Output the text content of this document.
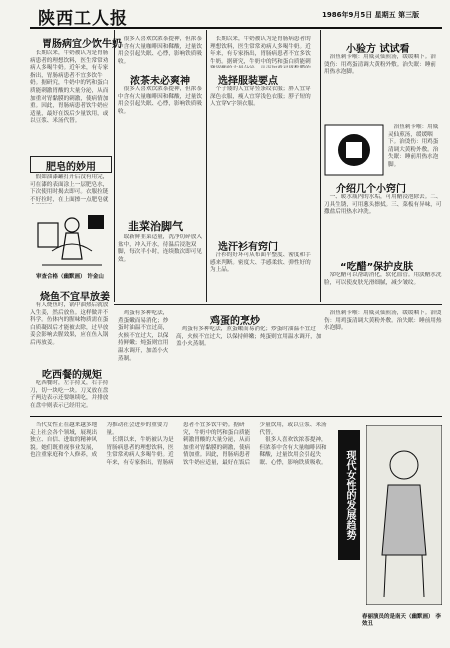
陕西工人报	1986年9月5日 星期五 第三版
胃肠病宜少饮牛奶

长期以来，牛奶被认为是胃肠病患者的理想饮料，医生常常劝病人多喝牛奶。近年来，有专家指出，胃肠病患者不宜多饮牛奶。据研究，牛奶中的钙和蛋白质能刺激胃酸的大量分泌，从而加重对胃黏膜的刺激，使病情加重。因此，胃肠病患者饮牛奶应适量，最好在饭后少量饮用，或以豆浆、米汤代替。

肥皂的妙用

假如油漆罐打开后没有用完，可在漆的表面涂上一层肥皂水，下次使用时揭去即可。衣服拉链不好拉时，在上面擦一点肥皂就

审查合格（幽默画） 许金山
烧鱼不宜早放姜

有人烧鱼时，锅中油热后就放入生姜，然后放鱼。这样做并不科学。鱼体内的腥味物质需在蛋白质凝固后才能被去除，过早放姜会影响去腥效果，应在鱼入锅后再放姜。

吃西餐的规矩

吃西餐时，左手持叉，右手持刀，切一块吃一块。刀叉放在盘子两边表示还要继续吃，并排放在盘中则表示已经用完。

很多人喜欢饮浓茶提神，但浓茶中含有大量咖啡因和鞣酸，过量饮用会引起失眠、心悸，影响铁质吸收。

浓茶未必爽神

很多人喜欢饮浓茶提神，但浓茶中含有大量咖啡因和鞣酸，过量饮用会引起失眠、心悸，影响铁质吸收。

韭菜治脚气

取新鲜韭菜适量，洗净切碎放入盆中，冲入开水，待温后浸泡双脚，每次半小时，连续数次即可见效。

长期以来，牛奶被认为是胃肠病患者的理想饮料，医生常常劝病人多喝牛奶。近年来，有专家指出，胃肠病患者不宜多饮牛奶。据研究，牛奶中的钙和蛋白质能刺

选择服装要点

个子矮的人宜穿竖条纹衣服；胖人宜穿深色衣服，瘦人宜穿浅色衣服；脖子短的人宜穿V字领衣服。

选汗衫有窍门

汗衫的好坏可从布面平整度、密度和手感来判断。密度大、手感柔软、弹性好的为上品。

小验方 试试看

治鱼刺卡喉：用威灵仙煎汤，缓缓咽下。治烫伤：用鸡蛋清调大黄粉外敷。治失眠：睡前用热水泡脚。

治鱼刺卡喉：用威灵仙煎汤，缓缓咽下。治烫伤：用鸡蛋清调大黄粉外敷。治失眠：睡前用热水泡脚。

介绍几个小窍门

一、暖水瓶内的水垢，可用醋浸泡除去。二、刀具生锈，可用葱头擦拭。三、菜板有异味，可撒盐后用热水冲洗。

“吃醋”保护皮肤

常吃醋可以帮助消化，软化血管。用淡醋水洗脸，可以使皮肤光滑细腻，减少皱纹。

鸡蛋有多种吃法，煮蛋嫩而易消化；炒蛋时油温不宜过高，火候不宜过大，以保持鲜嫩；炖蛋则宜用温水调开，加盖小火蒸制。

鸡蛋的烹炒

鸡蛋有多种吃法，煮蛋嫩而易消化；炒蛋时油温不宜过高，火候不宜过大，以保持鲜嫩；炖蛋则宜用温水调开，加盖小火蒸制。

治鱼刺卡喉：用威灵仙煎汤，缓缓咽下。治烫伤：用鸡蛋清调大黄粉外敷。治失眠：睡前用热水泡脚。

当代女性正在越来越多地走上社会各个领域，展现出独立、自信、进取的精神风貌。她们既重视事业发展，也注重家庭和个人修养，成为推动社会进步的重要力量。

长期以来，牛奶被认为是胃肠病患者的理想饮料，医生常常劝病人多喝牛奶。近年来，有专家指出，胃肠病患者不宜多饮牛奶。据研究，牛奶中的钙和蛋白质能刺激胃酸的大量分泌，从而加重对胃黏膜的刺激，使病情加重。因此，胃肠病患者饮牛奶应适量，最好在饭后少量饮用，或以豆浆、米汤代替。

很多人喜欢饮浓茶提神，但浓茶中含有大量咖啡因和鞣酸，过量饮用会引起失眠、心悸，影响铁质吸收。	现代女性的发展趋势
春丽演员的是南天（幽默画） 李效丑
